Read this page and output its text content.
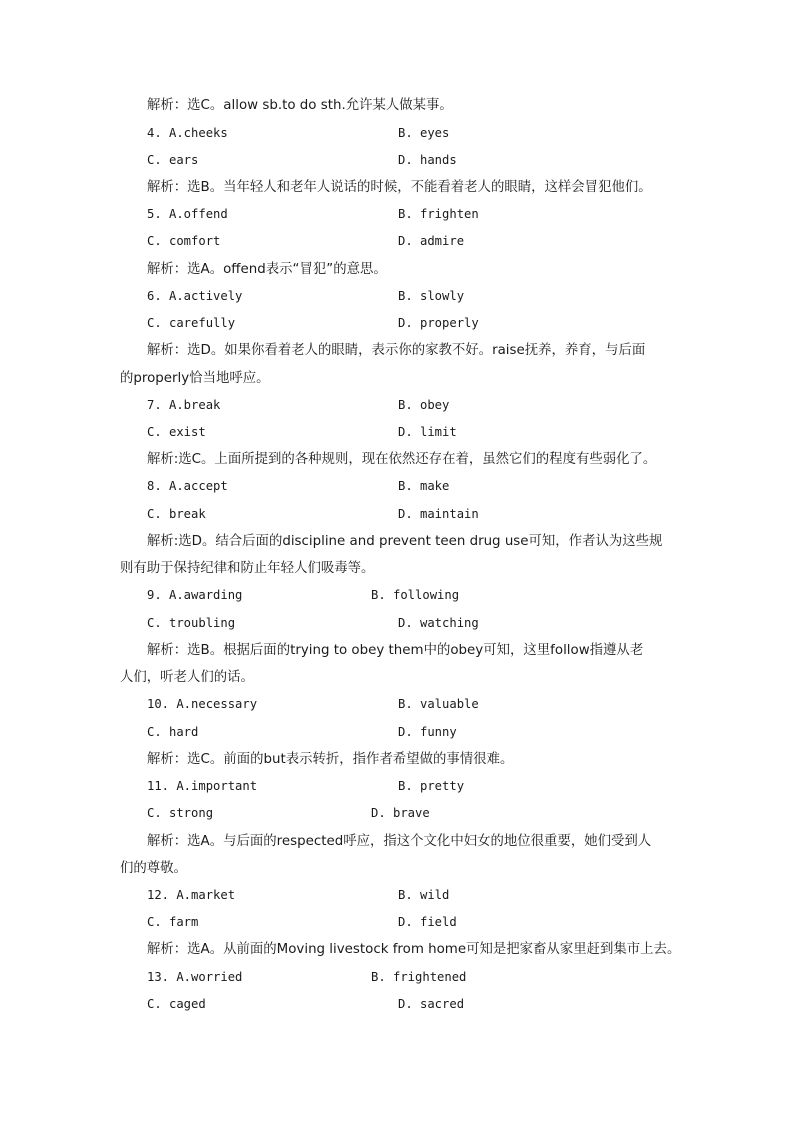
解析：选C。allow sb.to do sth.允许某人做某事。
4. A.cheeks	B. eyes
C. ears	D. hands
解析：选B。当年轻人和老年人说话的时候，不能看着老人的眼睛，这样会冒犯他们。
5. A.offend	B. frighten
C. comfort	D. admire
解析：选A。offend表示“冒犯”的意思。
6. A.actively	B. slowly
C. carefully	D. properly
解析：选D。如果你看着老人的眼睛，表示你的家教不好。raise抚养，养育，与后面
的properly恰当地呼应。
7. A.break	B. obey
C. exist	D. limit
解析:选C。上面所提到的各种规则，现在依然还存在着，虽然它们的程度有些弱化了。
8. A.accept	B. make
C. break	D. maintain
解析:选D。结合后面的discipline and prevent teen drug use可知，作者认为这些规
则有助于保持纪律和防止年轻人们吸毒等。
9. A.awarding	B. following
C. troubling	D. watching
解析：选B。根据后面的trying to obey them中的obey可知，这里follow指遵从老
人们，听老人们的话。
10. A.necessary	B. valuable
C. hard	D. funny
解析：选C。前面的but表示转折，指作者希望做的事情很难。
11. A.important	B. pretty
C. strong	D. brave
解析：选A。与后面的respected呼应，指这个文化中妇女的地位很重要，她们受到人
们的尊敬。
12. A.market	B. wild
C. farm	D. field
解析：选A。从前面的Moving livestock from home可知是把家畜从家里赶到集市上去。
13. A.worried	B. frightened
C. caged	D. sacred
